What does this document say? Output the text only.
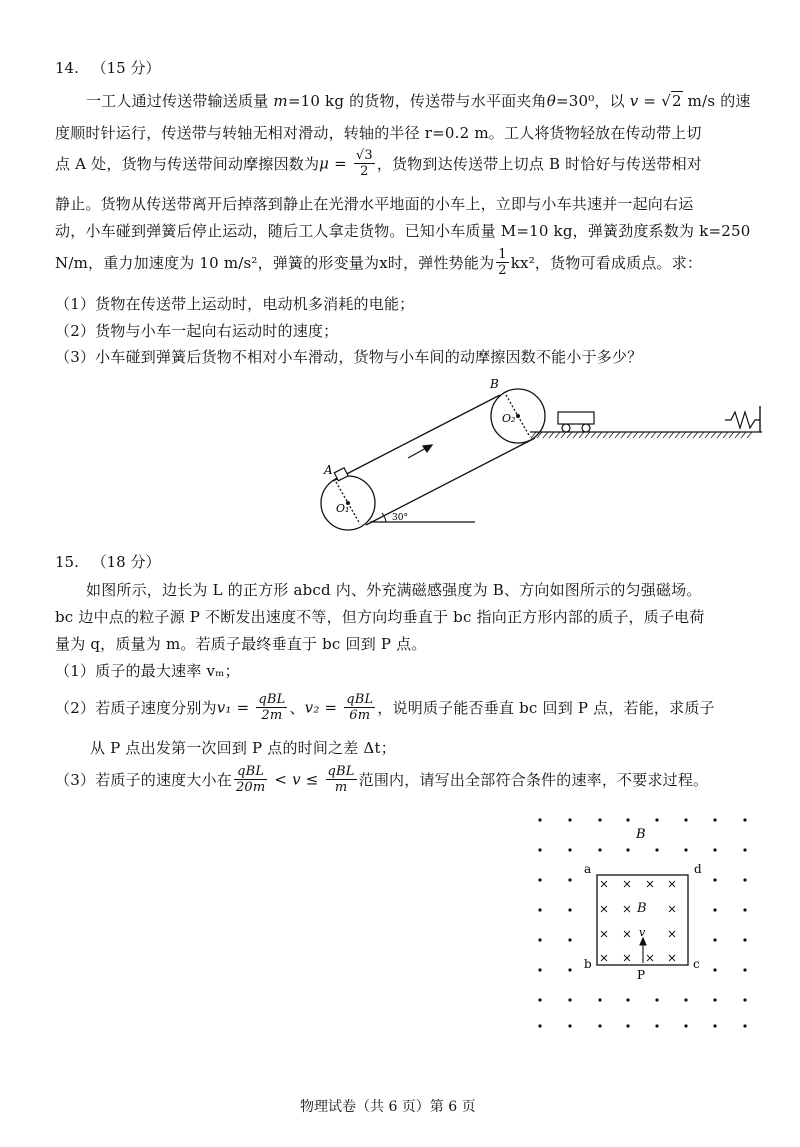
14. （15 分）
一工人通过传送带输送质量 m=10 kg 的货物，传送带与水平面夹角θ=30⁰，以 v = √2 m/s 的速
度顺时针运行，传送带与转轴无相对滑动，转轴的半径 r=0.2 m。工人将货物轻放在传动带上切
点 A 处，货物与传送带间动摩擦因数为$\mu = \frac{√3}{2}$ ，货物到达传送带上切点 B 时恰好与传送带相对
静止。货物从传送带离开后掉落到静止在光滑水平地面的小车上，立即与小车共速并一起向右运
动，小车碰到弹簧后停止运动，随后工人拿走货物。已知小车质量 M=10 kg，弹簧劲度系数为 k=250
N/m，重力加速度为 10 m/s²，弹簧的形变量为x时，弹性势能为 $\frac{1}{2} kx^2$，货物可看成质点。求：
（1）货物在传送带上运动时，电动机多消耗的电能；
（2）货物与小车一起向右运动时的速度；
（3）小车碰到弹簧后货物不相对小车滑动，货物与小车间的动摩擦因数不能小于多少？
30°
A
B
O₁
O₂
15. （18 分）
如图所示，边长为 L 的正方形 abcd 内、外充满磁感强度为 B、方向如图所示的匀强磁场。
bc 边中点的粒子源 P 不断发出速度不等，但方向均垂直于 bc 指向正方形内部的质子，质子电荷
量为 q，质量为 m。若质子最终垂直于 bc 回到 P 点。
（1）质子的最大速率 vₘ；
（2）若质子速度分别为$v_1 = \frac{\text{qBL}}{2m}$ 、$v_2 = \frac{\text{qBL}}{6m}$ ，说明质子能否垂直 bc 回到 P 点，若能，求质子
从 P 点出发第一次回到 P 点的时间之差 Δt；
（3）若质子的速度大小在 $\frac{\text{qBL}}{20m} < v \le \frac{\text{qBL}}{m}$ 范围内，请写出全部符合条件的速率，不要求过程。
B
B
v
a	d
b	c
P
物理试卷（共 6 页）第 6 页
